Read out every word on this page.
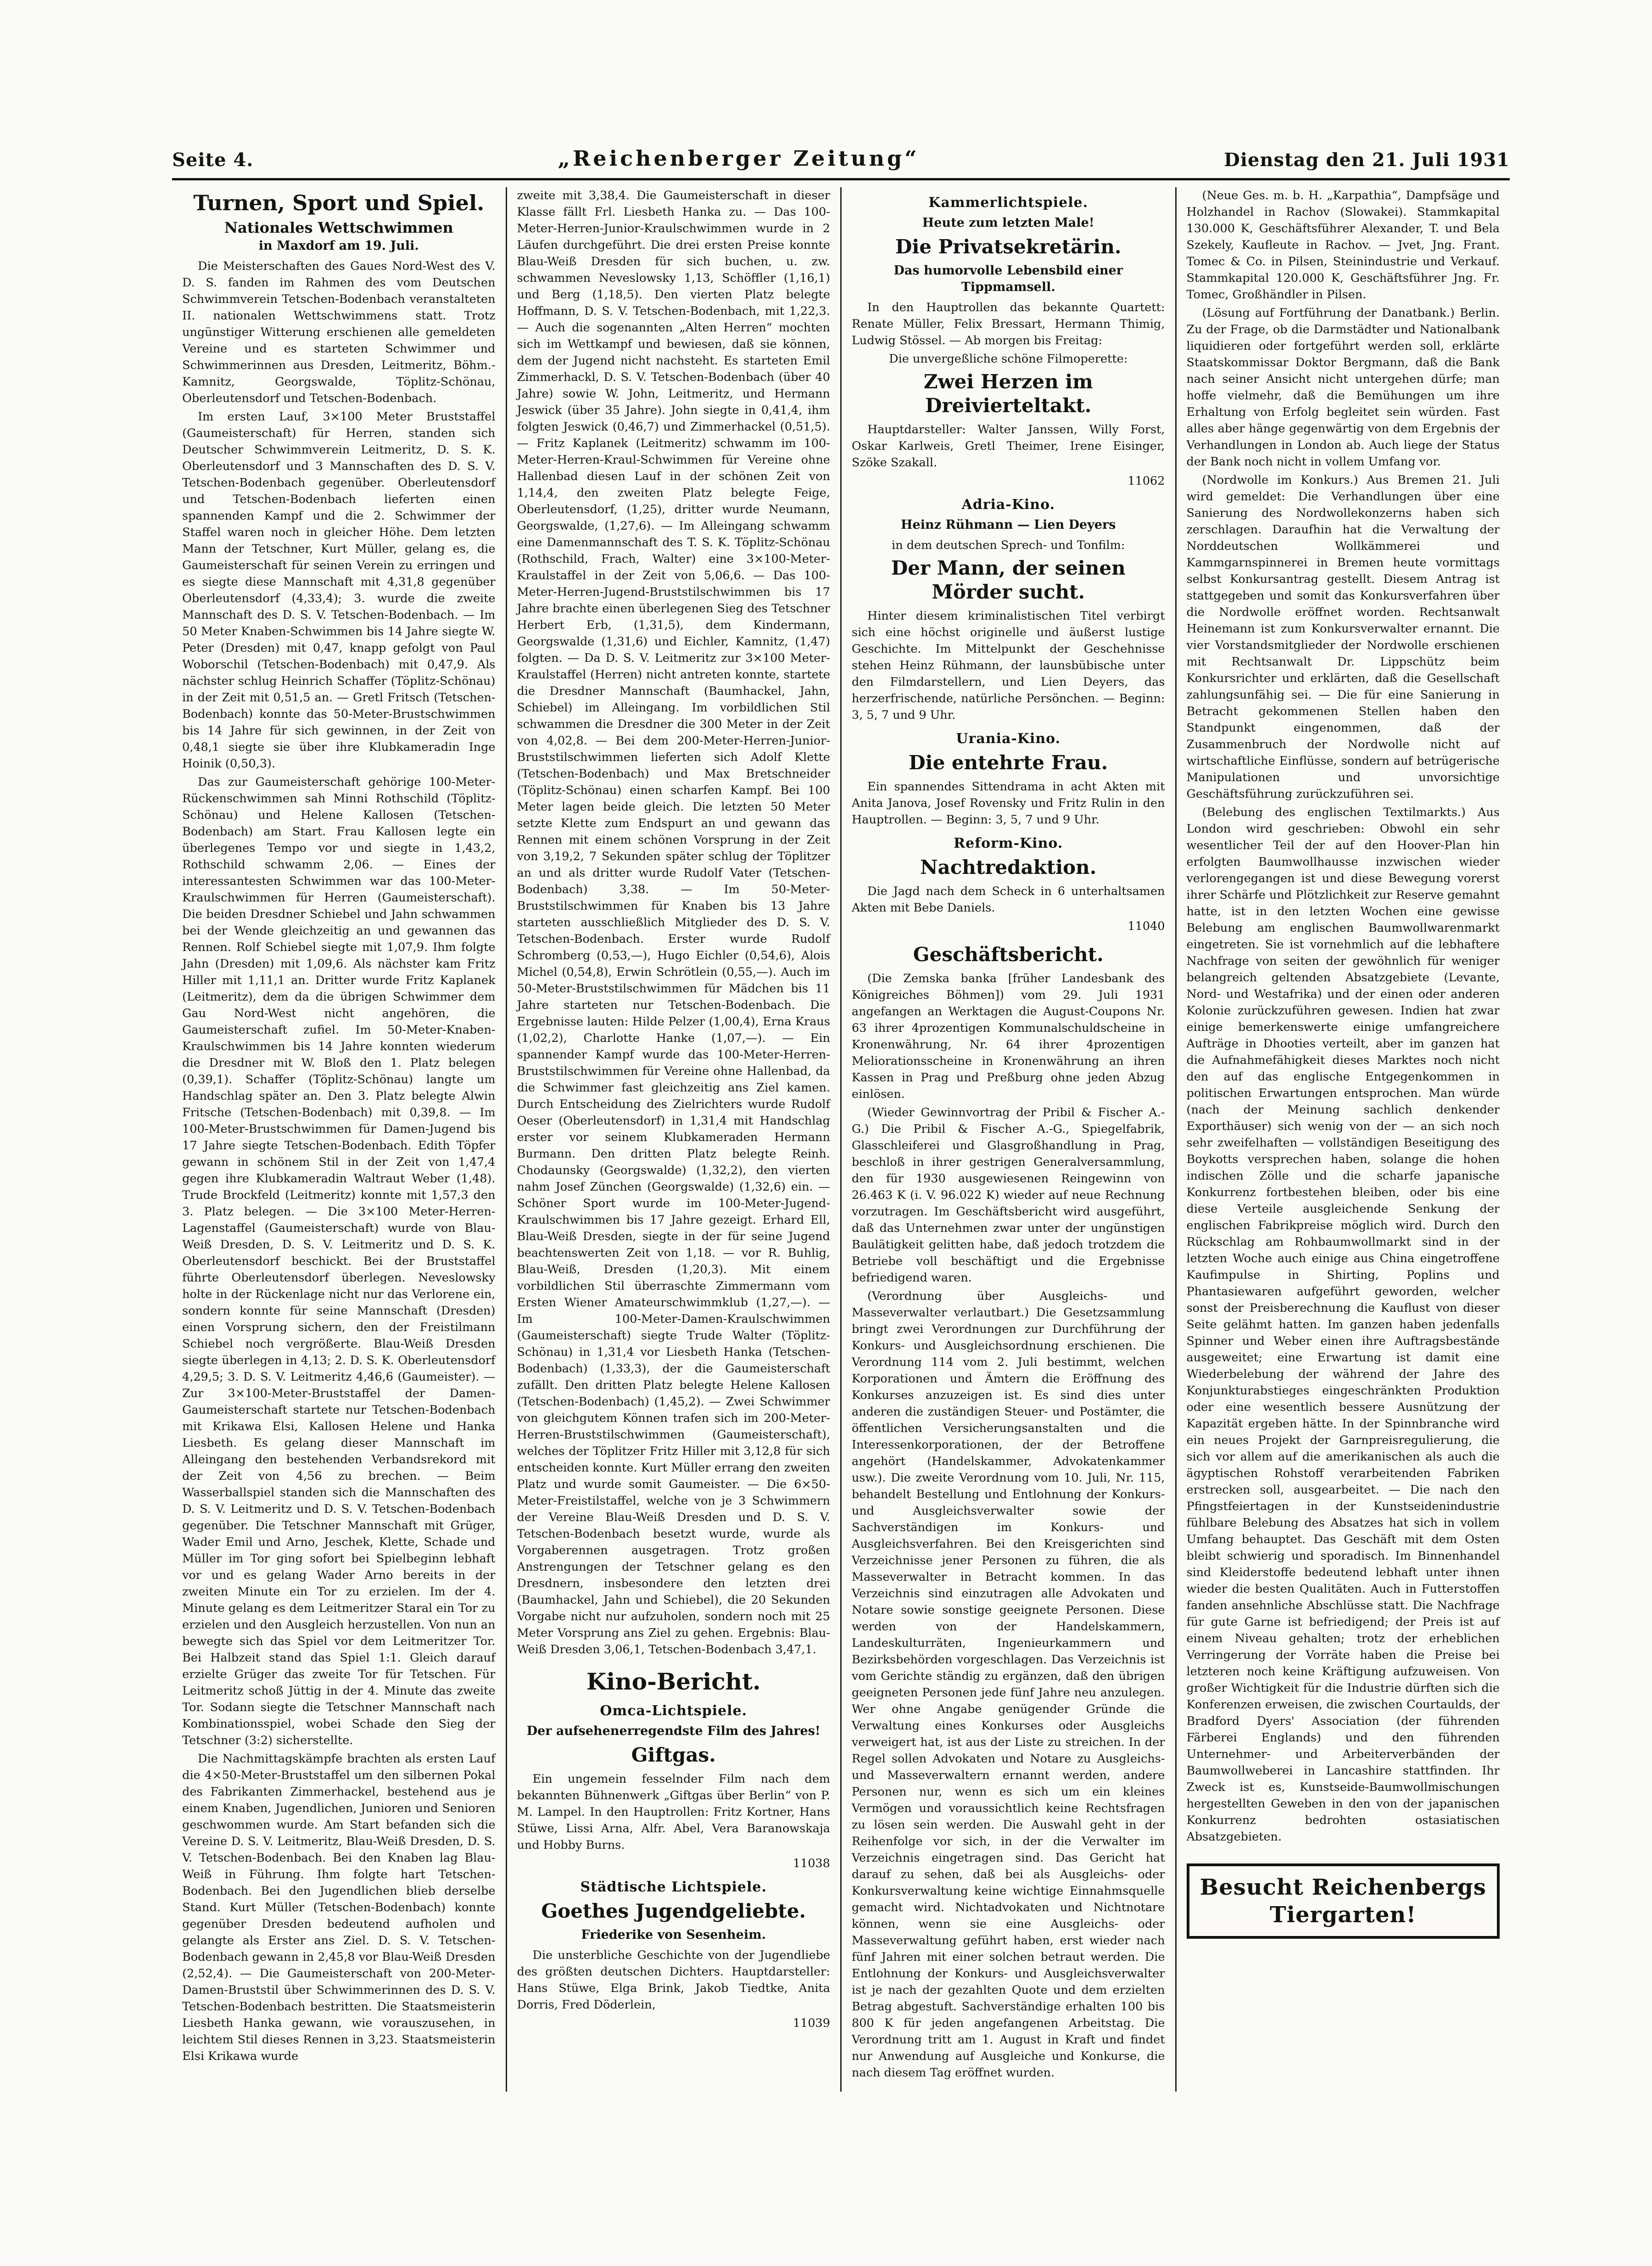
Seite 4.	„Reichenberger Zeitung“	Dienstag den 21. Juli 1931
Turnen, Sport und Spiel.
Nationales Wettschwimmen
in Maxdorf am 19. Juli.

Die Meisterschaften des Gaues Nord-West des V. D. S. fanden im Rahmen des vom Deutschen Schwimmverein Tetschen-Bodenbach veranstalteten II. nationalen Wettschwimmens statt. Trotz ungünstiger Witterung erschienen alle gemeldeten Vereine und es starteten Schwimmer und Schwimmerinnen aus Dresden, Leitmeritz, Böhm.-Kamnitz, Georgswalde, Töplitz-Schönau, Oberleutensdorf und Tetschen-Bodenbach.

Im ersten Lauf, 3×100 Meter Bruststaffel (Gaumeisterschaft) für Herren, standen sich Deutscher Schwimmverein Leitmeritz, D. S. K. Oberleutensdorf und 3 Mannschaften des D. S. V. Tetschen-Bodenbach gegenüber. Oberleutensdorf und Tetschen-Bodenbach lieferten einen spannenden Kampf und die 2. Schwimmer der Staffel waren noch in gleicher Höhe. Dem letzten Mann der Tetschner, Kurt Müller, gelang es, die Gaumeisterschaft für seinen Verein zu erringen und es siegte diese Mannschaft mit 4,31,8 gegenüber Oberleutensdorf (4,33,4); 3. wurde die zweite Mannschaft des D. S. V. Tetschen-Bodenbach. — Im 50 Meter Knaben-Schwimmen bis 14 Jahre siegte W. Peter (Dresden) mit 0,47, knapp gefolgt von Paul Woborschil (Tetschen-Bodenbach) mit 0,47,9. Als nächster schlug Heinrich Schaffer (Töplitz-Schönau) in der Zeit mit 0,51,5 an. — Gretl Fritsch (Tetschen-Bodenbach) konnte das 50-Meter-Brustschwimmen bis 14 Jahre für sich gewinnen, in der Zeit von 0,48,1 siegte sie über ihre Klubkameradin Inge Hoinik (0,50,3).

Das zur Gaumeisterschaft gehörige 100-Meter-Rückenschwimmen sah Minni Rothschild (Töplitz-Schönau) und Helene Kallosen (Tetschen-Bodenbach) am Start. Frau Kallosen legte ein überlegenes Tempo vor und siegte in 1,43,2, Rothschild schwamm 2,06. — Eines der interessantesten Schwimmen war das 100-Meter-Kraulschwimmen für Herren (Gaumeisterschaft). Die beiden Dresdner Schiebel und Jahn schwammen bei der Wende gleichzeitig an und gewannen das Rennen. Rolf Schiebel siegte mit 1,07,9. Ihm folgte Jahn (Dresden) mit 1,09,6. Als nächster kam Fritz Hiller mit 1,11,1 an. Dritter wurde Fritz Kaplanek (Leitmeritz), dem da die übrigen Schwimmer dem Gau Nord-West nicht angehören, die Gaumeisterschaft zufiel. Im 50-Meter-Knaben-Kraulschwimmen bis 14 Jahre konnten wiederum die Dresdner mit W. Bloß den 1. Platz belegen (0,39,1). Schaffer (Töplitz-Schönau) langte um Handschlag später an. Den 3. Platz belegte Alwin Fritsche (Tetschen-Bodenbach) mit 0,39,8. — Im 100-Meter-Brustschwimmen für Damen-Jugend bis 17 Jahre siegte Tetschen-Bodenbach. Edith Töpfer gewann in schönem Stil in der Zeit von 1,47,4 gegen ihre Klubkameradin Waltraut Weber (1,48). Trude Brockfeld (Leitmeritz) konnte mit 1,57,3 den 3. Platz belegen. — Die 3×100 Meter-Herren-Lagenstaffel (Gaumeisterschaft) wurde von Blau-Weiß Dresden, D. S. V. Leitmeritz und D. S. K. Oberleutensdorf beschickt. Bei der Bruststaffel führte Oberleutensdorf überlegen. Neveslowsky holte in der Rückenlage nicht nur das Verlorene ein, sondern konnte für seine Mannschaft (Dresden) einen Vorsprung sichern, den der Freistilmann Schiebel noch vergrößerte. Blau-Weiß Dresden siegte überlegen in 4,13; 2. D. S. K. Oberleutensdorf 4,29,5; 3. D. S. V. Leitmeritz 4,46,6 (Gaumeister). — Zur 3×100-Meter-Bruststaffel der Damen-Gaumeisterschaft startete nur Tetschen-Bodenbach mit Krikawa Elsi, Kallosen Helene und Hanka Liesbeth. Es gelang dieser Mannschaft im Alleingang den bestehenden Verbandsrekord mit der Zeit von 4,56 zu brechen. — Beim Wasserballspiel standen sich die Mannschaften des D. S. V. Leitmeritz und D. S. V. Tetschen-Bodenbach gegenüber. Die Tetschner Mannschaft mit Grüger, Wader Emil und Arno, Jeschek, Klette, Schade und Müller im Tor ging sofort bei Spielbeginn lebhaft vor und es gelang Wader Arno bereits in der zweiten Minute ein Tor zu erzielen. Im der 4. Minute gelang es dem Leitmeritzer Staral ein Tor zu erzielen und den Ausgleich herzustellen. Von nun an bewegte sich das Spiel vor dem Leitmeritzer Tor. Bei Halbzeit stand das Spiel 1:1. Gleich darauf erzielte Grüger das zweite Tor für Tetschen. Für Leitmeritz schoß Jüttig in der 4. Minute das zweite Tor. Sodann siegte die Tetschner Mannschaft nach Kombinationsspiel, wobei Schade den Sieg der Tetschner (3:2) sicherstellte.

Die Nachmittagskämpfe brachten als ersten Lauf die 4×50-Meter-Bruststaffel um den silbernen Pokal des Fabrikanten Zimmerhackel, bestehend aus je einem Knaben, Jugendlichen, Junioren und Senioren geschwommen wurde. Am Start befanden sich die Vereine D. S. V. Leitmeritz, Blau-Weiß Dresden, D. S. V. Tetschen-Bodenbach. Bei den Knaben lag Blau-Weiß in Führung. Ihm folgte hart Tetschen-Bodenbach. Bei den Jugendlichen blieb derselbe Stand. Kurt Müller (Tetschen-Bodenbach) konnte gegenüber Dresden bedeutend aufholen und gelangte als Erster ans Ziel. D. S. V. Tetschen-Bodenbach gewann in 2,45,8 vor Blau-Weiß Dresden (2,52,4). — Die Gaumeisterschaft von 200-Meter-Damen-Bruststil über Schwimmerinnen des D. S. V. Tetschen-Bodenbach bestritten. Die Staatsmeisterin Liesbeth Hanka gewann, wie vorauszusehen, in leichtem Stil dieses Rennen in 3,23. Staatsmeisterin Elsi Krikawa wurde

zweite mit 3,38,4. Die Gaumeisterschaft in dieser Klasse fällt Frl. Liesbeth Hanka zu. — Das 100-Meter-Herren-Junior-Kraulschwimmen wurde in 2 Läufen durchgeführt. Die drei ersten Preise konnte Blau-Weiß Dresden für sich buchen, u. zw. schwammen Neveslowsky 1,13, Schöffler (1,16,1) und Berg (1,18,5). Den vierten Platz belegte Hoffmann, D. S. V. Tetschen-Bodenbach, mit 1,22,3. — Auch die sogenannten „Alten Herren“ mochten sich im Wettkampf und bewiesen, daß sie können, dem der Jugend nicht nachsteht. Es starteten Emil Zimmerhackl, D. S. V. Tetschen-Bodenbach (über 40 Jahre) sowie W. John, Leitmeritz, und Hermann Jeswick (über 35 Jahre). John siegte in 0,41,4, ihm folgten Jeswick (0,46,7) und Zimmerhackel (0,51,5). — Fritz Kaplanek (Leitmeritz) schwamm im 100-Meter-Herren-Kraul-Schwimmen für Vereine ohne Hallenbad diesen Lauf in der schönen Zeit von 1,14,4, den zweiten Platz belegte Feige, Oberleutensdorf, (1,25), dritter wurde Neumann, Georgswalde, (1,27,6). — Im Alleingang schwamm eine Damenmannschaft des T. S. K. Töplitz-Schönau (Rothschild, Frach, Walter) eine 3×100-Meter-Kraulstaffel in der Zeit von 5,06,6. — Das 100-Meter-Herren-Jugend-Bruststilschwimmen bis 17 Jahre brachte einen überlegenen Sieg des Tetschner Herbert Erb, (1,31,5), dem Kindermann, Georgswalde (1,31,6) und Eichler, Kamnitz, (1,47) folgten. — Da D. S. V. Leitmeritz zur 3×100 Meter-Kraulstaffel (Herren) nicht antreten konnte, startete die Dresdner Mannschaft (Baumhackel, Jahn, Schiebel) im Alleingang. Im vorbildlichen Stil schwammen die Dresdner die 300 Meter in der Zeit von 4,02,8. — Bei dem 200-Meter-Herren-Junior-Bruststilschwimmen lieferten sich Adolf Klette (Tetschen-Bodenbach) und Max Bretschneider (Töplitz-Schönau) einen scharfen Kampf. Bei 100 Meter lagen beide gleich. Die letzten 50 Meter setzte Klette zum Endspurt an und gewann das Rennen mit einem schönen Vorsprung in der Zeit von 3,19,2, 7 Sekunden später schlug der Töplitzer an und als dritter wurde Rudolf Vater (Tetschen-Bodenbach) 3,38. — Im 50-Meter-Bruststilschwimmen für Knaben bis 13 Jahre starteten ausschließlich Mitglieder des D. S. V. Tetschen-Bodenbach. Erster wurde Rudolf Schromberg (0,53,—), Hugo Eichler (0,54,6), Alois Michel (0,54,8), Erwin Schrötlein (0,55,—). Auch im 50-Meter-Bruststilschwimmen für Mädchen bis 11 Jahre starteten nur Tetschen-Bodenbach. Die Ergebnisse lauten: Hilde Pelzer (1,00,4), Erna Kraus (1,02,2), Charlotte Hanke (1,07,—). — Ein spannender Kampf wurde das 100-Meter-Herren-Bruststilschwimmen für Vereine ohne Hallenbad, da die Schwimmer fast gleichzeitig ans Ziel kamen. Durch Entscheidung des Zielrichters wurde Rudolf Oeser (Oberleutensdorf) in 1,31,4 mit Handschlag erster vor seinem Klubkameraden Hermann Burmann. Den dritten Platz belegte Reinh. Chodaunsky (Georgswalde) (1,32,2), den vierten nahm Josef Zünchen (Georgswalde) (1,32,6) ein. — Schöner Sport wurde im 100-Meter-Jugend-Kraulschwimmen bis 17 Jahre gezeigt. Erhard Ell, Blau-Weiß Dresden, siegte in der für seine Jugend beachtenswerten Zeit von 1,18. — vor R. Buhlig, Blau-Weiß, Dresden (1,20,3). Mit einem vorbildlichen Stil überraschte Zimmermann vom Ersten Wiener Amateurschwimmklub (1,27,—). — Im 100-Meter-Damen-Kraulschwimmen (Gaumeisterschaft) siegte Trude Walter (Töplitz-Schönau) in 1,31,4 vor Liesbeth Hanka (Tetschen-Bodenbach) (1,33,3), der die Gaumeisterschaft zufällt. Den dritten Platz belegte Helene Kallosen (Tetschen-Bodenbach) (1,45,2). — Zwei Schwimmer von gleichgutem Können trafen sich im 200-Meter-Herren-Bruststilschwimmen (Gaumeisterschaft), welches der Töplitzer Fritz Hiller mit 3,12,8 für sich entscheiden konnte. Kurt Müller errang den zweiten Platz und wurde somit Gaumeister. — Die 6×50-Meter-Freistilstaffel, welche von je 3 Schwimmern der Vereine Blau-Weiß Dresden und D. S. V. Tetschen-Bodenbach besetzt wurde, wurde als Vorgaberennen ausgetragen. Trotz großen Anstrengungen der Tetschner gelang es den Dresdnern, insbesondere den letzten drei (Baumhackel, Jahn und Schiebel), die 20 Sekunden Vorgabe nicht nur aufzuholen, sondern noch mit 25 Meter Vorsprung ans Ziel zu gehen. Ergebnis: Blau-Weiß Dresden 3,06,1, Tetschen-Bodenbach 3,47,1.

Kino-Bericht.
Omca-Lichtspiele.
Der aufsehenerregendste Film des Jahres!
Giftgas.

Ein ungemein fesselnder Film nach dem bekannten Bühnenwerk „Giftgas über Berlin“ von P. M. Lampel. In den Hauptrollen: Fritz Kortner, Hans Stüwe, Lissi Arna, Alfr. Abel, Vera Baranowskaja und Hobby Burns.

11038

Städtische Lichtspiele.
Goethes Jugendgeliebte.
Friederike von Sesenheim.

Die unsterbliche Geschichte von der Jugendliebe des größten deutschen Dichters. Hauptdarsteller: Hans Stüwe, Elga Brink, Jakob Tiedtke, Anita Dorris, Fred Döderlein,

11039

Kammerlichtspiele.
Heute zum letzten Male!
Die Privatsekretärin.
Das humorvolle Lebensbild einer Tippmamsell.

In den Hauptrollen das bekannte Quartett: Renate Müller, Felix Bressart, Hermann Thimig, Ludwig Stössel. — Ab morgen bis Freitag:

Die unvergeßliche schöne Filmoperette:

Zwei Herzen im Dreivierteltakt.

Hauptdarsteller: Walter Janssen, Willy Forst, Oskar Karlweis, Gretl Theimer, Irene Eisinger, Szöke Szakall.

11062

Adria-Kino.
Heinz Rühmann — Lien Deyers

in dem deutschen Sprech- und Tonfilm:

Der Mann, der seinen Mörder sucht.

Hinter diesem kriminalistischen Titel verbirgt sich eine höchst originelle und äußerst lustige Geschichte. Im Mittelpunkt der Geschehnisse stehen Heinz Rühmann, der launsbübische unter den Filmdarstellern, und Lien Deyers, das herzerfrischende, natürliche Persönchen. — Beginn: 3, 5, 7 und 9 Uhr.

Urania-Kino.
Die entehrte Frau.

Ein spannendes Sittendrama in acht Akten mit Anita Janova, Josef Rovensky und Fritz Rulin in den Hauptrollen. — Beginn: 3, 5, 7 und 9 Uhr.

Reform-Kino.
Nachtredaktion.

Die Jagd nach dem Scheck in 6 unterhaltsamen Akten mit Bebe Daniels.

11040

Geschäftsbericht.

(Die Zemska banka [früher Landesbank des Königreiches Böhmen]) vom 29. Juli 1931 angefangen an Werktagen die August-Coupons Nr. 63 ihrer 4prozentigen Kommunalschuldscheine in Kronenwährung, Nr. 64 ihrer 4prozentigen Meliorationsscheine in Kronenwährung an ihren Kassen in Prag und Preßburg ohne jeden Abzug einlösen.

(Wieder Gewinnvortrag der Pribil & Fischer A.-G.) Die Pribil & Fischer A.-G., Spiegelfabrik, Glasschleiferei und Glasgroßhandlung in Prag, beschloß in ihrer gestrigen Generalversammlung, den für 1930 ausgewiesenen Reingewinn von 26.463 K (i. V. 96.022 K) wieder auf neue Rechnung vorzutragen. Im Geschäftsbericht wird ausgeführt, daß das Unternehmen zwar unter der ungünstigen Baulätigkeit gelitten habe, daß jedoch trotzdem die Betriebe voll beschäftigt und die Ergebnisse befriedigend waren.

(Verordnung über Ausgleichs- und Masseverwalter verlautbart.) Die Gesetzsammlung bringt zwei Verordnungen zur Durchführung der Konkurs- und Ausgleichsordnung erschienen. Die Verordnung 114 vom 2. Juli bestimmt, welchen Korporationen und Ämtern die Eröffnung des Konkurses anzuzeigen ist. Es sind dies unter anderen die zuständigen Steuer- und Postämter, die öffentlichen Versicherungsanstalten und die Interessenkorporationen, der der Betroffene angehört (Handelskammer, Advokatenkammer usw.). Die zweite Verordnung vom 10. Juli, Nr. 115, behandelt Bestellung und Entlohnung der Konkurs- und Ausgleichsverwalter sowie der Sachverständigen im Konkurs- und Ausgleichsverfahren. Bei den Kreisgerichten sind Verzeichnisse jener Personen zu führen, die als Masseverwalter in Betracht kommen. In das Verzeichnis sind einzutragen alle Advokaten und Notare sowie sonstige geeignete Personen. Diese werden von der Handelskammern, Landeskulturräten, Ingenieurkammern und Bezirksbehörden vorgeschlagen. Das Verzeichnis ist vom Gerichte ständig zu ergänzen, daß den übrigen geeigneten Personen jede fünf Jahre neu anzulegen. Wer ohne Angabe genügender Gründe die Verwaltung eines Konkurses oder Ausgleichs verweigert hat, ist aus der Liste zu streichen. In der Regel sollen Advokaten und Notare zu Ausgleichs- und Masseverwaltern ernannt werden, andere Personen nur, wenn es sich um ein kleines Vermögen und voraussichtlich keine Rechtsfragen zu lösen sein werden. Die Auswahl geht in der Reihenfolge vor sich, in der die Verwalter im Verzeichnis eingetragen sind. Das Gericht hat darauf zu sehen, daß bei als Ausgleichs- oder Konkursverwaltung keine wichtige Einnahmsquelle gemacht wird. Nichtadvokaten und Nichtnotare können, wenn sie eine Ausgleichs- oder Masseverwaltung geführt haben, erst wieder nach fünf Jahren mit einer solchen betraut werden. Die Entlohnung der Konkurs- und Ausgleichsverwalter ist je nach der gezahlten Quote und dem erzielten Betrag abgestuft. Sachverständige erhalten 100 bis 800 K für jeden angefangenen Arbeitstag. Die Verordnung tritt am 1. August in Kraft und findet nur Anwendung auf Ausgleiche und Konkurse, die nach diesem Tag eröffnet wurden.

(Neue Ges. m. b. H. „Karpathia“, Dampfsäge und Holzhandel in Rachov (Slowakei). Stammkapital 130.000 K, Geschäftsführer Alexander, T. und Bela Szekely, Kaufleute in Rachov. — Jvet, Jng. Frant. Tomec & Co. in Pilsen, Steinindustrie und Verkauf. Stammkapital 120.000 K, Geschäftsführer Jng. Fr. Tomec, Großhändler in Pilsen.

(Lösung auf Fortführung der Danatbank.) Berlin. Zu der Frage, ob die Darmstädter und Nationalbank liquidieren oder fortgeführt werden soll, erklärte Staatskommissar Doktor Bergmann, daß die Bank nach seiner Ansicht nicht untergehen dürfe; man hoffe vielmehr, daß die Bemühungen um ihre Erhaltung von Erfolg begleitet sein würden. Fast alles aber hänge gegenwärtig von dem Ergebnis der Verhandlungen in London ab. Auch liege der Status der Bank noch nicht in vollem Umfang vor.

(Nordwolle im Konkurs.) Aus Bremen 21. Juli wird gemeldet: Die Verhandlungen über eine Sanierung des Nordwollekonzerns haben sich zerschlagen. Daraufhin hat die Verwaltung der Norddeutschen Wollkämmerei und Kammgarnspinnerei in Bremen heute vormittags selbst Konkursantrag gestellt. Diesem Antrag ist stattgegeben und somit das Konkursverfahren über die Nordwolle eröffnet worden. Rechtsanwalt Heinemann ist zum Konkursverwalter ernannt. Die vier Vorstandsmitglieder der Nordwolle erschienen mit Rechtsanwalt Dr. Lippschütz beim Konkursrichter und erklärten, daß die Gesellschaft zahlungsunfähig sei. — Die für eine Sanierung in Betracht gekommenen Stellen haben den Standpunkt eingenommen, daß der Zusammenbruch der Nordwolle nicht auf wirtschaftliche Einflüsse, sondern auf betrügerische Manipulationen und unvorsichtige Geschäftsführung zurückzuführen sei.

(Belebung des englischen Textilmarkts.) Aus London wird geschrieben: Obwohl ein sehr wesentlicher Teil der auf den Hoover-Plan hin erfolgten Baumwollhausse inzwischen wieder verlorengegangen ist und diese Bewegung vorerst ihrer Schärfe und Plötzlichkeit zur Reserve gemahnt hatte, ist in den letzten Wochen eine gewisse Belebung am englischen Baumwollwarenmarkt eingetreten. Sie ist vornehmlich auf die lebhaftere Nachfrage von seiten der gewöhnlich für weniger belangreich geltenden Absatzgebiete (Levante, Nord- und Westafrika) und der einen oder anderen Kolonie zurückzuführen gewesen. Indien hat zwar einige bemerkenswerte einige umfangreichere Aufträge in Dhooties verteilt, aber im ganzen hat die Aufnahmefähigkeit dieses Marktes noch nicht den auf das englische Entgegenkommen in politischen Erwartungen entsprochen. Man würde (nach der Meinung sachlich denkender Exporthäuser) sich wenig von der — an sich noch sehr zweifelhaften — vollständigen Beseitigung des Boykotts versprechen haben, solange die hohen indischen Zölle und die scharfe japanische Konkurrenz fortbestehen bleiben, oder bis eine diese Verteile ausgleichende Senkung der englischen Fabrikpreise möglich wird. Durch den Rückschlag am Rohbaumwollmarkt sind in der letzten Woche auch einige aus China eingetroffene Kaufimpulse in Shirting, Poplins und Phantasiewaren aufgeführt geworden, welcher sonst der Preisberechnung die Kauflust von dieser Seite gelähmt hatten. Im ganzen haben jedenfalls Spinner und Weber einen ihre Auftragsbestände ausgeweitet; eine Erwartung ist damit eine Wiederbelebung der während der Jahre des Konjunkturabstieges eingeschränkten Produktion oder eine wesentlich bessere Ausnützung der Kapazität ergeben hätte. In der Spinnbranche wird ein neues Projekt der Garnpreisregulierung, die sich vor allem auf die amerikanischen als auch die ägyptischen Rohstoff verarbeitenden Fabriken erstrecken soll, ausgearbeitet. — Die nach den Pfingstfeiertagen in der Kunstseidenindustrie fühlbare Belebung des Absatzes hat sich in vollem Umfang behauptet. Das Geschäft mit dem Osten bleibt schwierig und sporadisch. Im Binnenhandel sind Kleiderstoffe bedeutend lebhaft unter ihnen wieder die besten Qualitäten. Auch in Futterstoffen fanden ansehnliche Abschlüsse statt. Die Nachfrage für gute Garne ist befriedigend; der Preis ist auf einem Niveau gehalten; trotz der erheblichen Verringerung der Vorräte haben die Preise bei letzteren noch keine Kräftigung aufzuweisen. Von großer Wichtigkeit für die Industrie dürften sich die Konferenzen erweisen, die zwischen Courtaulds, der Bradford Dyers' Association (der führenden Färberei Englands) und den führenden Unternehmer- und Arbeiterverbänden der Baumwollweberei in Lancashire stattfinden. Ihr Zweck ist es, Kunstseide-Baumwollmischungen hergestellten Geweben in den von der japanischen Konkurrenz bedrohten ostasiatischen Absatzgebieten.

Besucht Reichenbergs Tiergarten!
